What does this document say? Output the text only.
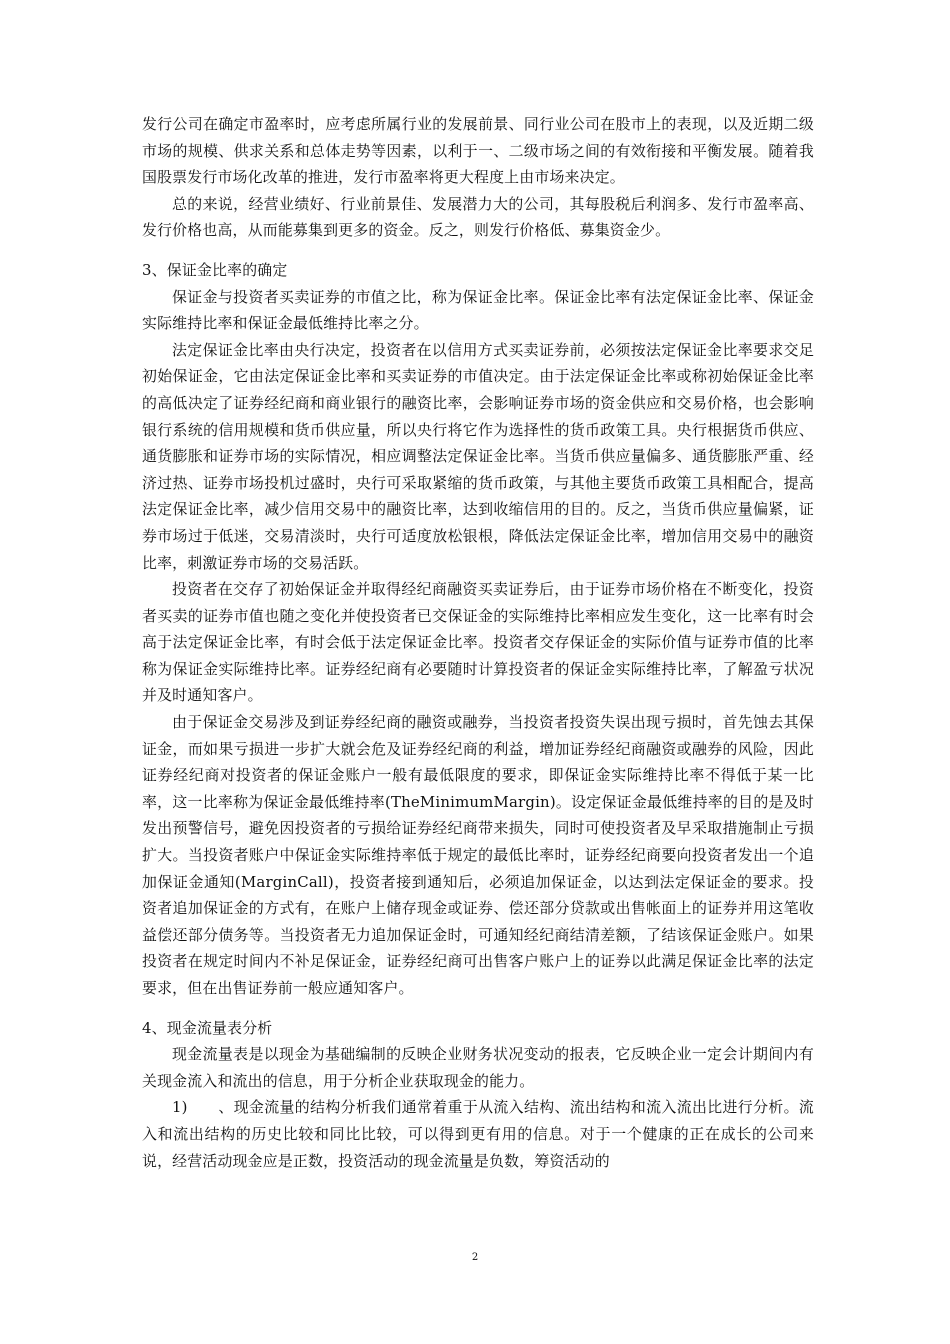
发行公司在确定市盈率时，应考虑所属行业的发展前景、同行业公司在股市上的表现，以及近期二级市场的规模、供求关系和总体走势等因素，以利于一、二级市场之间的有效衔接和平衡发展。随着我国股票发行市场化改革的推进，发行市盈率将更大程度上由市场来决定。

总的来说，经营业绩好、行业前景佳、发展潜力大的公司，其每股税后利润多、发行市盈率高、发行价格也高，从而能募集到更多的资金。反之，则发行价格低、募集资金少。

3、保证金比率的确定

保证金与投资者买卖证券的市值之比，称为保证金比率。保证金比率有法定保证金比率、保证金实际维持比率和保证金最低维持比率之分。

法定保证金比率由央行决定，投资者在以信用方式买卖证券前，必须按法定保证金比率要求交足初始保证金，它由法定保证金比率和买卖证券的市值决定。由于法定保证金比率或称初始保证金比率的高低决定了证券经纪商和商业银行的融资比率，会影响证券市场的资金供应和交易价格，也会影响银行系统的信用规模和货币供应量，所以央行将它作为选择性的货币政策工具。央行根据货币供应、通货膨胀和证券市场的实际情况，相应调整法定保证金比率。当货币供应量偏多、通货膨胀严重、经济过热、证券市场投机过盛时，央行可采取紧缩的货币政策，与其他主要货币政策工具相配合，提高法定保证金比率，减少信用交易中的融资比率，达到收缩信用的目的。反之，当货币供应量偏紧，证券市场过于低迷，交易清淡时，央行可适度放松银根，降低法定保证金比率，增加信用交易中的融资比率，刺激证券市场的交易活跃。

投资者在交存了初始保证金并取得经纪商融资买卖证券后，由于证券市场价格在不断变化，投资者买卖的证券市值也随之变化并使投资者已交保证金的实际维持比率相应发生变化，这一比率有时会高于法定保证金比率，有时会低于法定保证金比率。投资者交存保证金的实际价值与证券市值的比率称为保证金实际维持比率。证券经纪商有必要随时计算投资者的保证金实际维持比率，了解盈亏状况并及时通知客户。

由于保证金交易涉及到证券经纪商的融资或融券，当投资者投资失误出现亏损时，首先蚀去其保证金，而如果亏损进一步扩大就会危及证券经纪商的利益，增加证券经纪商融资或融券的风险，因此证券经纪商对投资者的保证金账户一般有最低限度的要求，即保证金实际维持比率不得低于某一比率，这一比率称为保证金最低维持率(TheMinimumMargin)。设定保证金最低维持率的目的是及时发出预警信号，避免因投资者的亏损给证券经纪商带来损失，同时可使投资者及早采取措施制止亏损扩大。当投资者账户中保证金实际维持率低于规定的最低比率时，证券经纪商要向投资者发出一个追加保证金通知(MarginCall)，投资者接到通知后，必须追加保证金，以达到法定保证金的要求。投资者追加保证金的方式有，在账户上储存现金或证券、偿还部分贷款或出售帐面上的证券并用这笔收益偿还部分债务等。当投资者无力追加保证金时，可通知经纪商结清差额，了结该保证金账户。如果投资者在规定时间内不补足保证金，证券经纪商可出售客户账户上的证券以此满足保证金比率的法定要求，但在出售证券前一般应通知客户。

4、现金流量表分析

现金流量表是以现金为基础编制的反映企业财务状况变动的报表，它反映企业一定会计期间内有关现金流入和流出的信息，用于分析企业获取现金的能力。

1)　　、现金流量的结构分析我们通常着重于从流入结构、流出结构和流入流出比进行分析。流入和流出结构的历史比较和同比比较，可以得到更有用的信息。对于一个健康的正在成长的公司来说，经营活动现金应是正数，投资活动的现金流量是负数，筹资活动的

2
